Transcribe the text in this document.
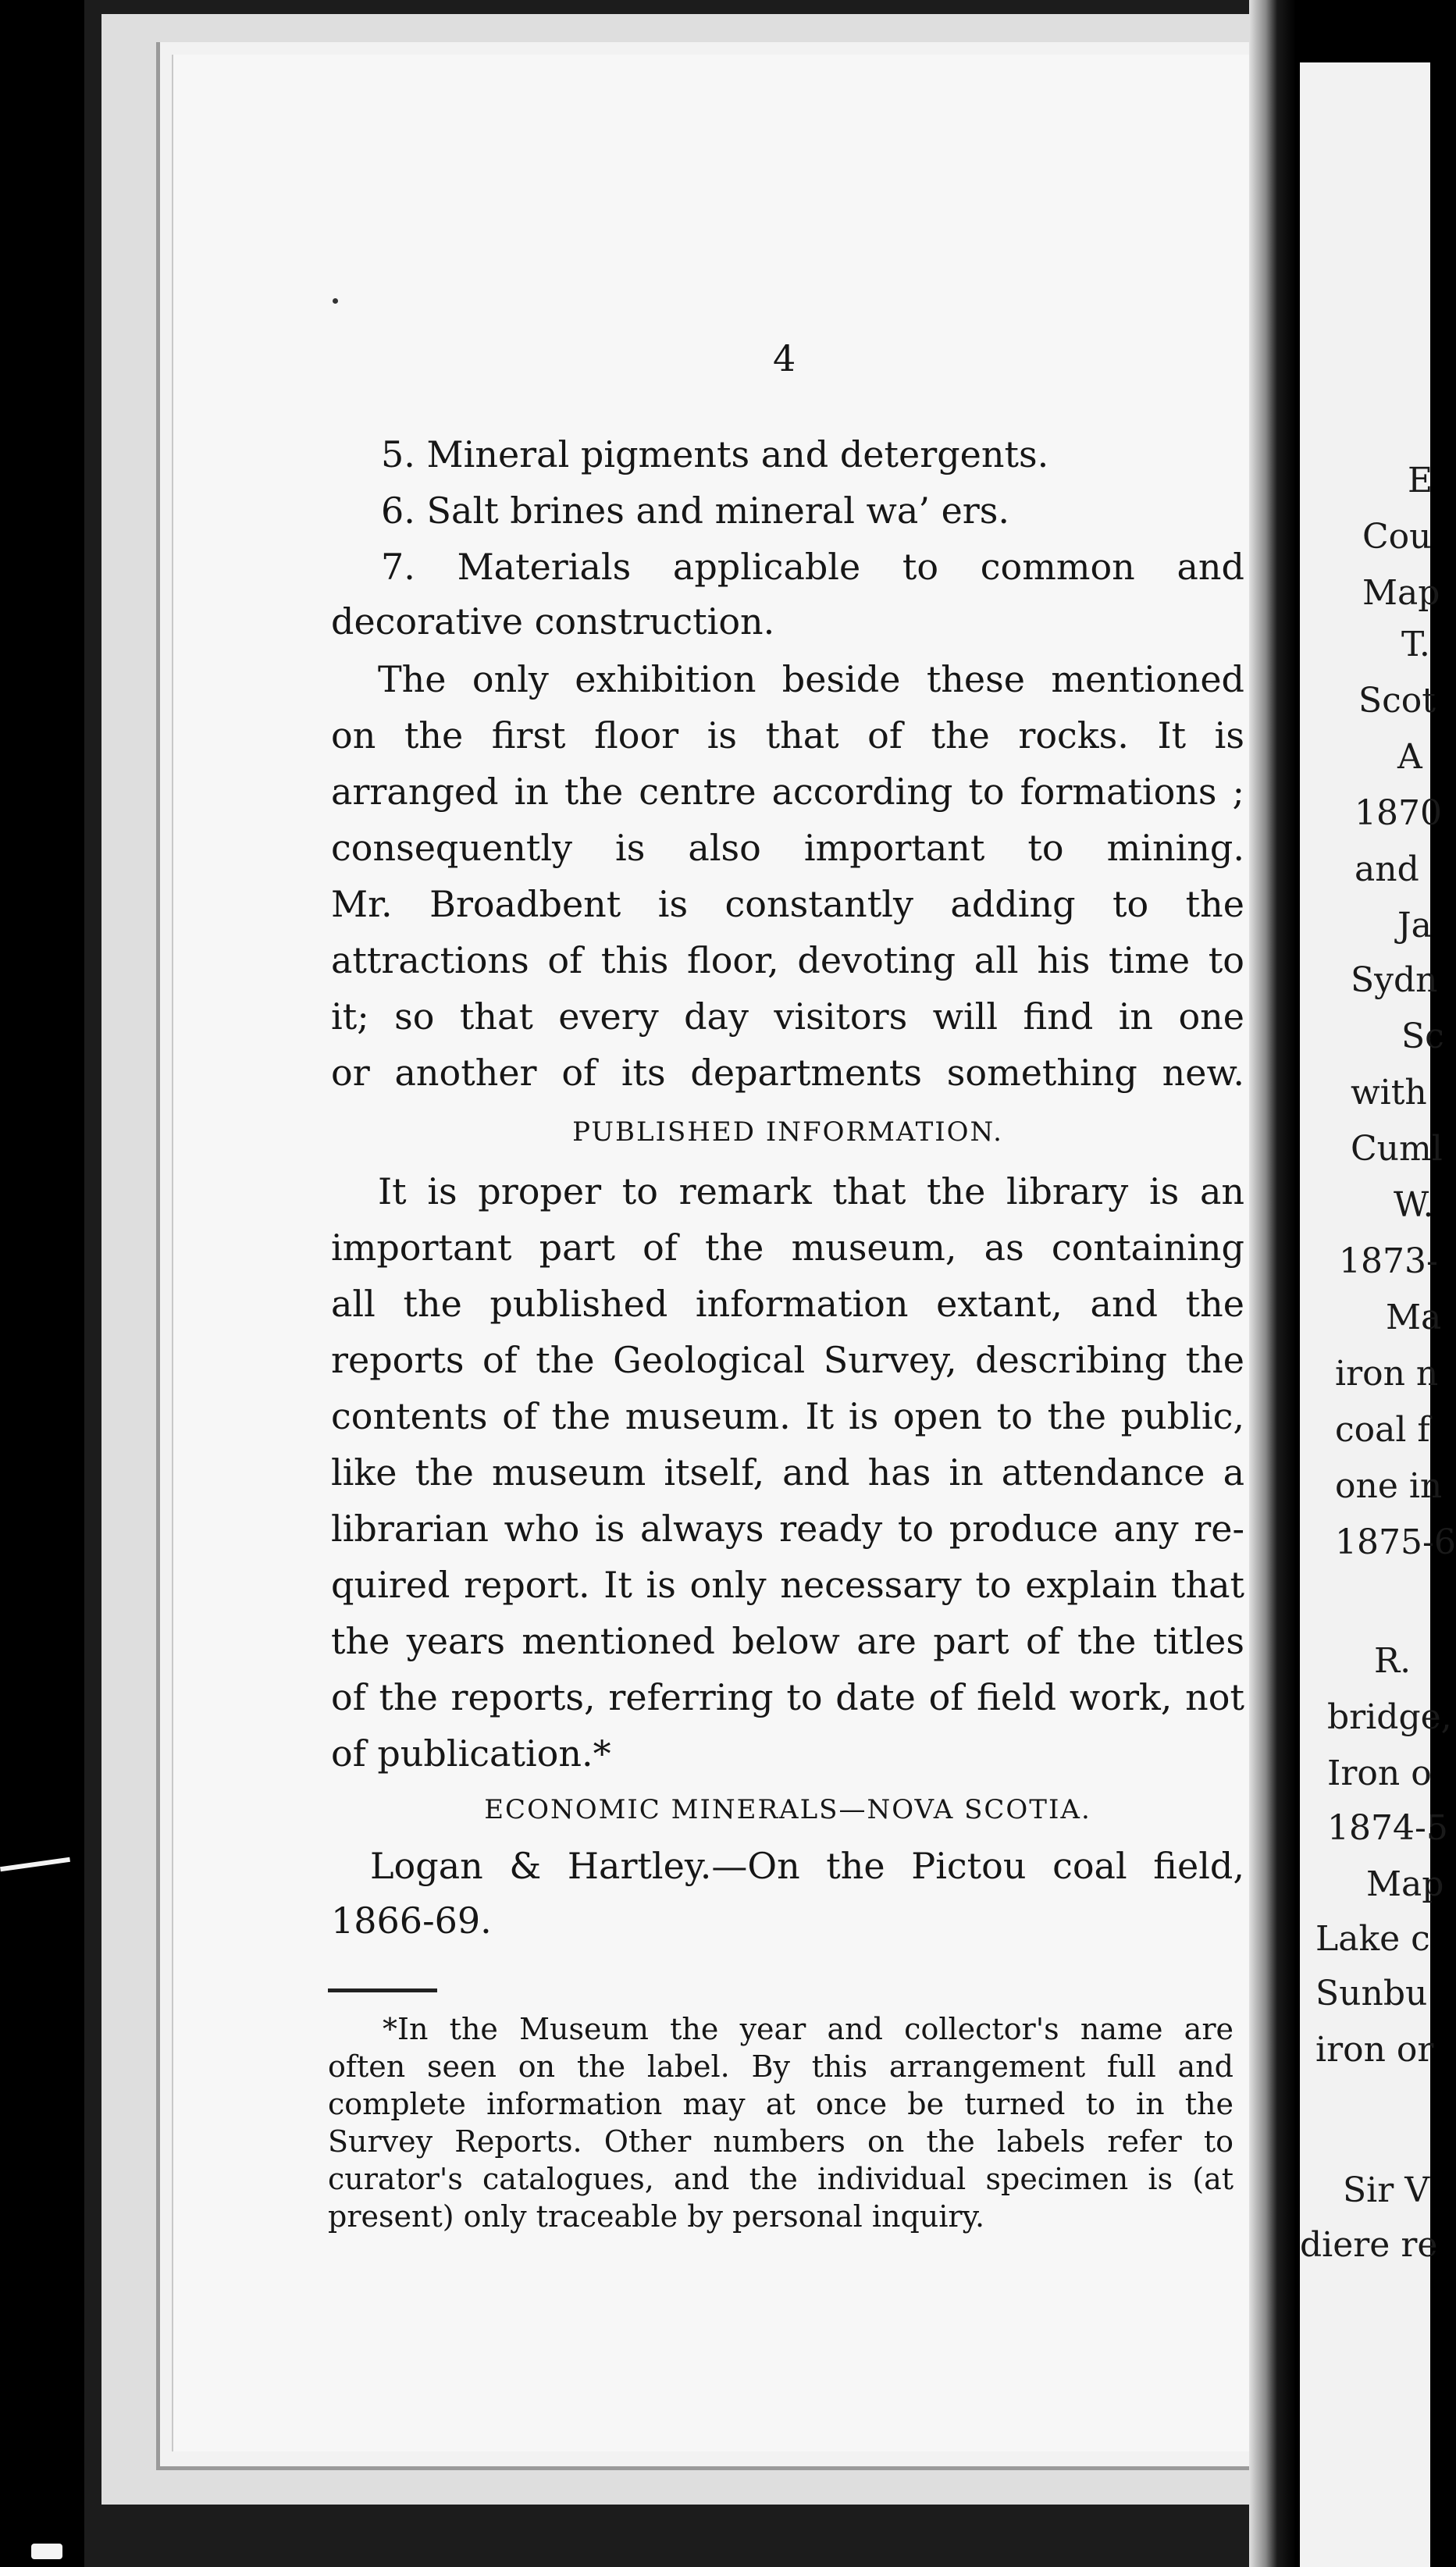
E
Cou
Map
T.
Scot
A
1870
and
Ja
Sydn
Sc
with
Cuml
W.
1873-
Ma
iron n
coal f
one in
1875-6
R.
bridge,
Iron o
1874-5
Map
Lake c
Sunbu
iron or
Sir V
diere re
4
5. Mineral pigments and detergents.
6. Salt brines and mineral wa’ ers.
7. Materials applicable to common and
decorative construction.
The only exhibition beside these mentioned
on the first floor is that of the rocks. It is
arranged in the centre according to formations ;
consequently is also important to mining.
Mr. Broadbent is constantly adding to the
attractions of this floor, devoting all his time to
it; so that every day visitors will find in one
or another of its departments something new.
PUBLISHED INFORMATION.
It is proper to remark that the library is an
important part of the museum, as containing
all the published information extant, and the
reports of the Geological Survey, describing the
contents of the museum. It is open to the public,
like the museum itself, and has in attendance a
librarian who is always ready to produce any re-
quired report. It is only necessary to explain that
the years mentioned below are part of the titles
of the reports, referring to date of field work, not
of publication.*
ECONOMIC MINERALS—NOVA SCOTIA.
Logan & Hartley.—On the Pictou coal field,
1866-69.
*In the Museum the year and collector's name are
often seen on the label. By this arrangement full and
complete information may at once be turned to in the
Survey Reports. Other numbers on the labels refer to
curator's catalogues, and the individual specimen is (at
present) only traceable by personal inquiry.
